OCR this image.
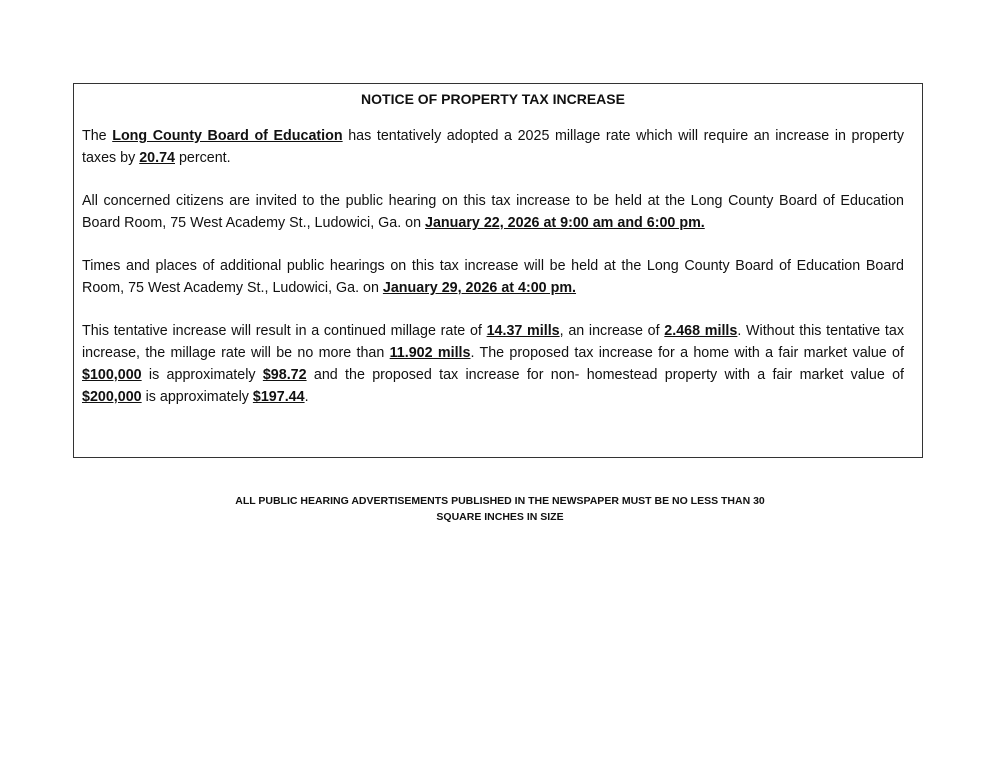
NOTICE OF PROPERTY TAX INCREASE

The Long County Board of Education has tentatively adopted a 2025 millage rate which will require an increase in property taxes by 20.74 percent.

All concerned citizens are invited to the public hearing on this tax increase to be held at the Long County Board of Education Board Room, 75 West Academy St., Ludowici, Ga. on January 22, 2026 at 9:00 am and 6:00 pm.

Times and places of additional public hearings on this tax increase will be held at the Long County Board of Education Board Room, 75 West Academy St., Ludowici, Ga. on January 29, 2026 at 4:00 pm.

This tentative increase will result in a continued millage rate of 14.37 mills, an increase of 2.468 mills. Without this tentative tax increase, the millage rate will be no more than 11.902 mills. The proposed tax increase for a home with a fair market value of $100,000 is approximately $98.72 and the proposed tax increase for non- homestead property with a fair market value of $200,000 is approximately $197.44.

ALL PUBLIC HEARING ADVERTISEMENTS PUBLISHED IN THE NEWSPAPER MUST BE NO LESS THAN 30
SQUARE INCHES IN SIZE
